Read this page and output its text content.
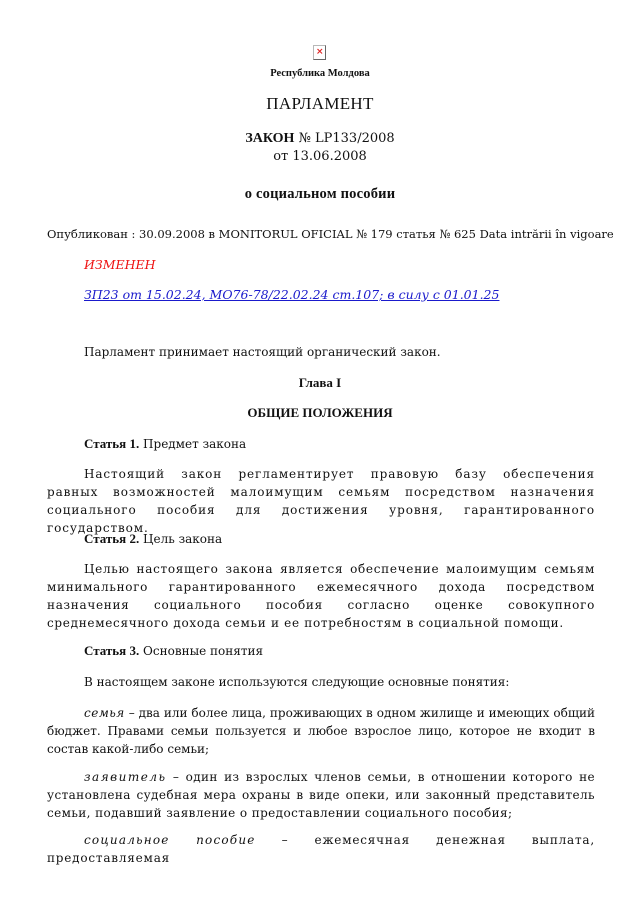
×
Республика Молдова
ПАРЛАМЕНТ
ЗАКОН № LP133/2008
от 13.06.2008
о социальном пособии
Опубликован : 30.09.2008 в MONITORUL OFICIAL № 179 статья № 625 Data intrării în vigoare
ИЗМЕНЕН
ЗП23 от 15.02.24, МО76-78/22.02.24 ст.107; в силу с 01.01.25
Парламент принимает настоящий органический закон.
Глава I
ОБЩИЕ ПОЛОЖЕНИЯ
Статья 1. Предмет закона
Настоящий закон регламентирует правовую базу обеспечения равных возможностей малоимущим семьям посредством назначения социального пособия для достижения уровня, гарантированного государством.
Статья 2. Цель закона
Целью настоящего закона является обеспечение малоимущим семьям минимального гарантированного ежемесячного дохода посредством назначения социального пособия согласно оценке совокупного среднемесячного дохода семьи и ее потребностям в социальной помощи.
Статья 3. Основные понятия
В настоящем законе используются следующие основные понятия:
семья – два или более лица, проживающих в одном жилище и имеющих общий бюджет. Правами семьи пользуется и любое взрослое лицо, которое не входит в состав какой-либо семьи;
заявитель – один из взрослых членов семьи, в отношении которого не установлена судебная мера охраны в виде опеки, или законный представитель семьи, подавший заявление о предоставлении социального пособия;
социальное пособие – ежемесячная денежная выплата, предоставляемая
